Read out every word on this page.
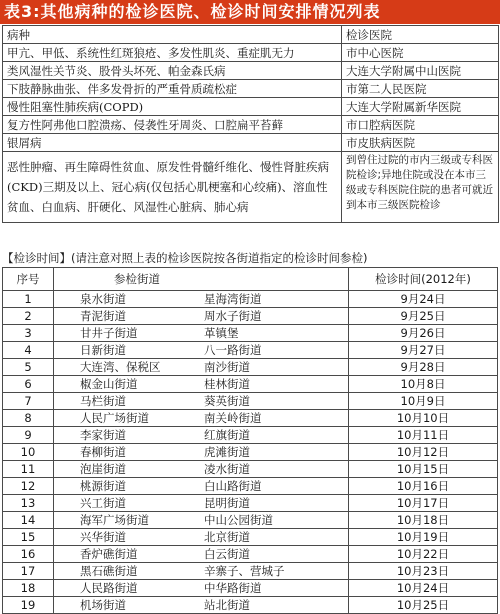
表3:其他病种的检诊医院、检诊时间安排情况列表
病种	检诊医院
甲亢、甲低、系统性红斑狼疮、多发性肌炎、重症肌无力	市中心医院
类风湿性关节炎、股骨头坏死、帕金森氏病	大连大学附属中山医院
下肢静脉曲张、伴多发骨折的严重骨质疏松症	市第二人民医院
慢性阻塞性肺疾病(COPD)	大连大学附属新华医院
复方性阿弗他口腔溃疡、侵袭性牙周炎、口腔扁平苔藓	市口腔病医院
银屑病	市皮肤病医院
恶性肿瘤、再生障碍性贫血、原发性骨髓纤维化、慢性肾脏疾病(CKD)三期及以上、冠心病(仅包括心肌梗塞和心绞痛)、溶血性贫血、白血病、肝硬化、风湿性心脏病、肺心病	到曾住过院的市内三级或专科医院检诊;异地住院或没在本市三级或专科医院住院的患者可就近到本市三级医院检诊
【检诊时间】(请注意对照上表的检诊医院按各街道指定的检诊时间参检)
序号	参检街道	检诊时间(2012年)
1	泉水街道 星海湾街道	9月24日
2	青泥街道 周水子街道	9月25日
3	甘井子街道 革镇堡	9月26日
4	日新街道 八一路街道	9月27日
5	大连湾、保税区 南沙街道	9月28日
6	椒金山街道 桂林街道	10月8日
7	马栏街道 葵英街道	10月9日
8	人民广场街道 南关岭街道	10月10日
9	李家街道 红旗街道	10月11日
10	春柳街道 虎滩街道	10月12日
11	泡崖街道 凌水街道	10月15日
12	桃源街道 白山路街道	10月16日
13	兴工街道 昆明街道	10月17日
14	海军广场街道 中山公园街道	10月18日
15	兴华街道 北京街道	10月19日
16	香炉礁街道 白云街道	10月22日
17	黑石礁街道 辛寨子、营城子	10月23日
18	人民路街道 中华路街道	10月24日
19	机场街道 站北街道	10月25日
